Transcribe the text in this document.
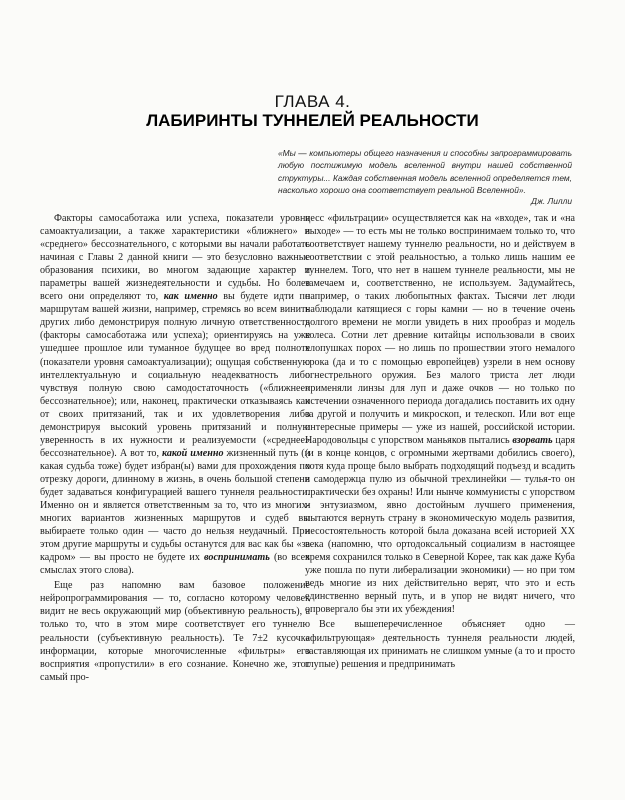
ГЛАВА 4.
ЛАБИРИНТЫ ТУННЕЛЕЙ РЕАЛЬНОСТИ
«Мы — компьютеры общего назначения и способны запрограммировать любую постижимую модель вселенной внутри нашей собственной структуры... Каждая собственная модель вселенной определяется тем, насколько хорошо она соответствует реальной Вселенной».
Дж. Лилли

Факторы самосаботажа или успеха, показатели уровня самоактуализации, а также характеристики «ближнего» и «среднего» бессознательного, с которыми вы начали работать начиная с Главы 2 данной книги — это безусловно важные образования психики, во многом задающие характер и параметры вашей жизнедеятельности и судьбы. Но более всего они определяют то, как именно вы будете идти по маршрутам вашей жизни, например, стремясь во всем винить других либо демонстрируя полную личную ответственность (факторы самосаботажа или успеха); ориентируясь на уже ушедшее прошлое или туманное будущее во вред полноте (показатели уровня самоактуализации); ощущая собственную интеллектуальную и социальную неадекватность либо чувствуя полную свою самодостаточность («ближнее» бессознательное); или, наконец, практически отказываясь как от своих притязаний, так и их удовлетворения либо демонстрируя высокий уровень притязаний и полную уверенность в их нужности и реализуемости («среднее» бессознательное). А вот то, какой именно жизненный путь (и какая судьба тоже) будет избран(ы) вами для прохождения по отрезку дороги, длинному в жизнь, в очень большой степени будет задаваться конфигурацией вашего туннеля реальности. Именно он и является ответственным за то, что из многих-многих вариантов жизненных маршрутов и судеб вы выбираете только один — часто до нельзя неудачный. При этом другие маршруты и судьбы останутся для вас как бы «за кадром» — вы просто не будете их воспринимать (во всех смыслах этого слова).

Еще раз напомню вам базовое положение нейропрограммирования — то, согласно которому человек видит не весь окружающий мир (объективную реальность), а только то, что в этом мире соответствует его туннелю реальности (субъективную реальность). Те 7±2 кусочка информации, которые многочисленные «фильтры» его восприятия «пропустили» в его сознание. Конечно же, этот самый про-

цесс «фильтрации» осуществляется как на «входе», так и «на выходе» — то есть мы не только воспринимаем только то, что соответствует нашему туннелю реальности, но и действуем в соответствии с этой реальностью, а только лишь нашим ее туннелем. Того, что нет в нашем туннеле реальности, мы не замечаем и, соответственно, не используем. Задумайтесь, например, о таких любопытных фактах. Тысячи лет люди наблюдали катящиеся с горы камни — но в течение очень долгого времени не могли увидеть в них прообраз и модель колеса. Сотни лет древние китайцы использовали в своих хлопушках порох — но лишь по прошествии этого немалого срока (да и то с помощью европейцев) узрели в нем основу огнестрельного оружия. Без малого триста лет люди применяли линзы для луп и даже очков — но только по истечении означенного периода догадались поставить их одну за другой и получить и микроскоп, и телескоп. Или вот еще интересные примеры — уже из нашей, российской истории. Народовольцы с упорством маньяков пытались взорвать царя (и в конце концов, с огромными жертвами добились своего), хотя куда проще было выбрать подходящий подъезд и всадить в самодержца пулю из обычной трехлинейки — тулья-то он практически без охраны! Или нынче коммунисты с упорством и энтузиазмом, явно достойным лучшего применения, пытаются вернуть страну в экономическую модель развития, несостоятельность которой была доказана всей историей XX века (напомню, что ортодоксальный социализм в настоящее время сохранился только в Северной Корее, так как даже Куба уже пошла по пути либерализации экономики) — но при том ведь многие из них действительно верят, что это и есть единственно верный путь, и в упор не видят ничего, что опровергало бы эти их убеждения!

Все вышеперечисленное объясняет одно — «фильтрующая» деятельность туннеля реальности людей, заставляющая их принимать не слишком умные (а то и просто глупые) решения и предпринимать
